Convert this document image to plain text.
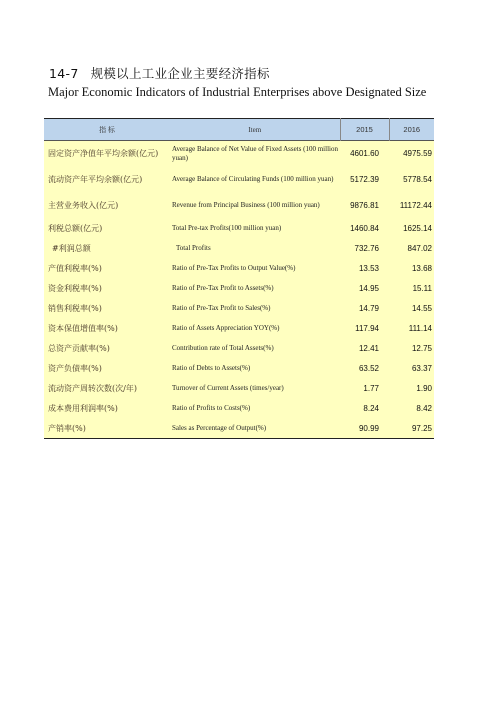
14-7 规模以上工业企业主要经济指标
Major Economic Indicators of Industrial Enterprises above Designated Size
指 标	Item	2015	2016
固定资产净值年平均余额(亿元)	Average Balance of Net Value of Fixed Assets (100 million yuan)	4601.60	4975.59
流动资产年平均余额(亿元)	Average Balance of Circulating Funds (100 million yuan)	5172.39	5778.54
主营业务收入(亿元)	Revenue from Principal Business (100 million yuan)	9876.81	11172.44
利税总额(亿元)	Total Pre-tax Profits(100 million yuan)	1460.84	1625.14
#利润总额	Total Profits	732.76	847.02
产值利税率(%)	Ratio of Pre-Tax Profits to Output Value(%)	13.53	13.68
资金利税率(%)	Ratio of Pre-Tax Profit to Assets(%)	14.95	15.11
销售利税率(%)	Ratio of Pre-Tax Profit to Sales(%)	14.79	14.55
资本保值增值率(%)	Ratio of Assets Appreciation YOY(%)	117.94	111.14
总资产贡献率(%)	Contribution rate of Total Assets(%)	12.41	12.75
资产负债率(%)	Ratio of Debts to Assets(%)	63.52	63.37
流动资产周转次数(次/年)	Turnover of Current Assets (times/year)	1.77	1.90
成本费用利润率(%)	Ratio of Profits to Costs(%)	8.24	8.42
产销率(%)	Sales as Percentage of Output(%)	90.99	97.25
